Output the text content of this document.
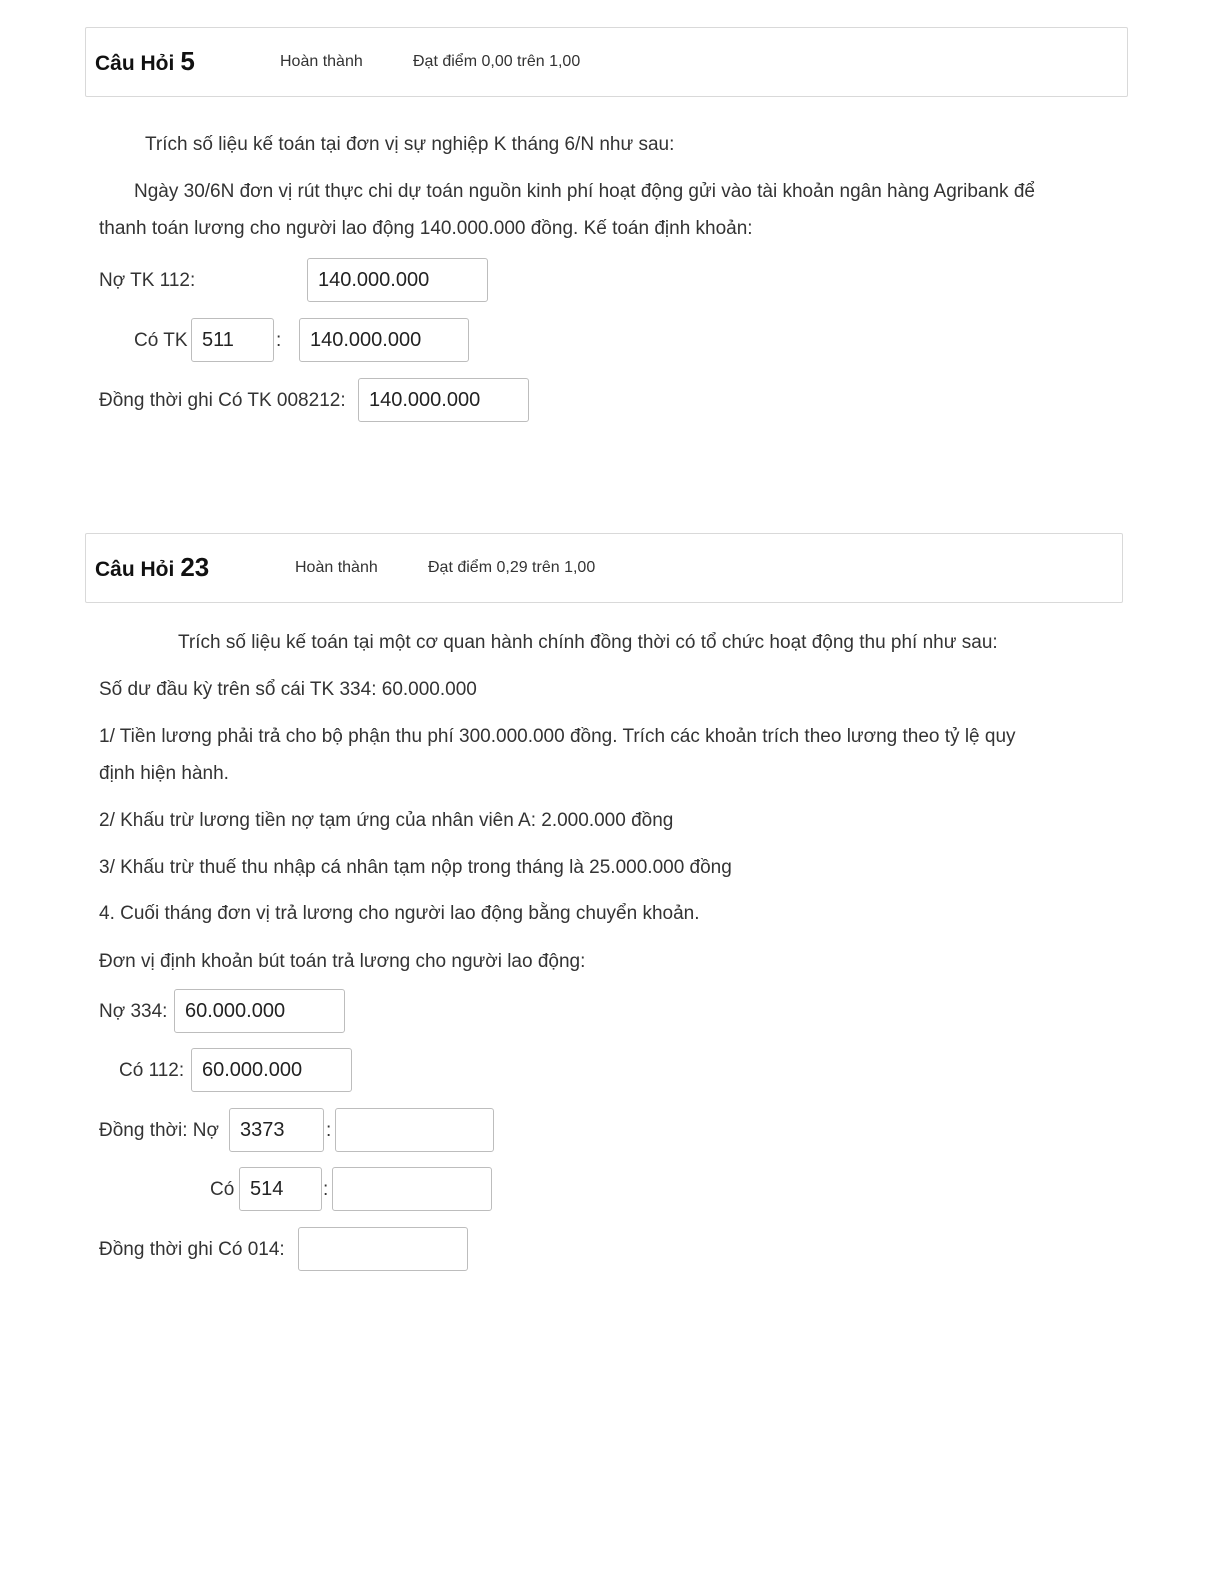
Câu Hỏi 5	Hoàn thành	Đạt điểm 0,00 trên 1,00
Trích số liệu kế toán tại đơn vị sự nghiệp K tháng 6/N như sau:
Ngày 30/6N đơn vị rút thực chi dự toán nguồn kinh phí hoạt động gửi vào tài khoản ngân hàng Agribank để
thanh toán lương cho người lao động 140.000.000 đồng. Kế toán định khoản:
Nợ TK 112:
140.000.000
Có TK
511	:
140.000.000
Đồng thời ghi Có TK 008212:
140.000.000
Câu Hỏi 23	Hoàn thành	Đạt điểm 0,29 trên 1,00
Trích số liệu kế toán tại một cơ quan hành chính đồng thời có tổ chức hoạt động thu phí như sau:
Số dư đầu kỳ trên sổ cái TK 334: 60.000.000
1/ Tiền lương phải trả cho bộ phận thu phí 300.000.000 đồng. Trích các khoản trích theo lương theo tỷ lệ quy
định hiện hành.
2/ Khấu trừ lương tiền nợ tạm ứng của nhân viên A: 2.000.000 đồng
3/ Khấu trừ thuế thu nhập cá nhân tạm nộp trong tháng là 25.000.000 đồng
4. Cuối tháng đơn vị trả lương cho người lao động bằng chuyển khoản.
Đơn vị định khoản bút toán trả lương cho người lao động:
Nợ 334:
60.000.000
Có 112:
60.000.000
Đồng thời: Nợ
3373	:
Có
514	:
Đồng thời ghi Có 014:
